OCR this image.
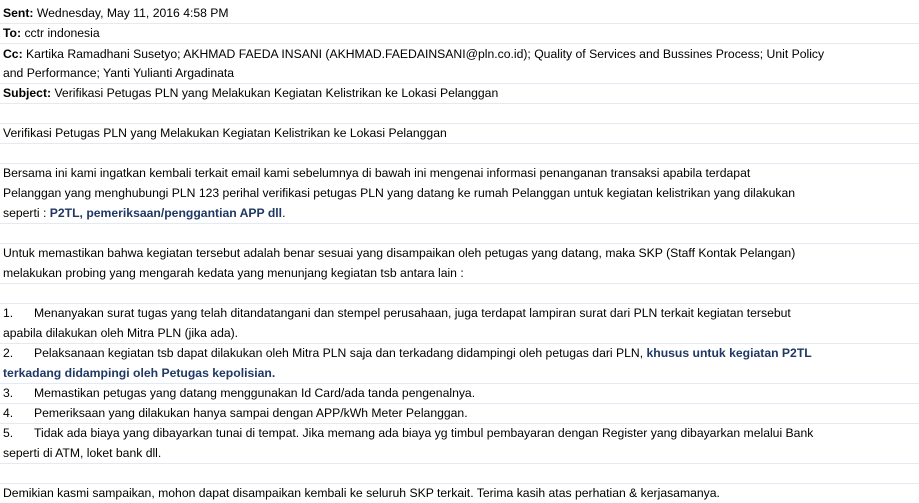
Sent: Wednesday, May 11, 2016 4:58 PM
To: cctr indonesia
Cc: Kartika Ramadhani Susetyo; AKHMAD FAEDA INSANI (AKHMAD.FAEDAINSANI@pln.co.id); Quality of Services and Bussines Process; Unit Policy
and Performance; Yanti Yulianti Argadinata
Subject: Verifikasi Petugas PLN yang Melakukan Kegiatan Kelistrikan ke Lokasi Pelanggan
Verifikasi Petugas PLN yang Melakukan Kegiatan Kelistrikan ke Lokasi Pelanggan
Bersama ini kami ingatkan kembali terkait email kami sebelumnya di bawah ini mengenai informasi penanganan transaksi apabila terdapat
Pelanggan yang menghubungi PLN 123 perihal verifikasi petugas PLN yang datang ke rumah Pelanggan untuk kegiatan kelistrikan yang dilakukan
seperti : P2TL, pemeriksaan/penggantian APP dll.
Untuk memastikan bahwa kegiatan tersebut adalah benar sesuai yang disampaikan oleh petugas yang datang, maka SKP (Staff Kontak Pelangan)
melakukan probing yang mengarah kedata yang menunjang kegiatan tsb antara lain :
1. Menanyakan surat tugas yang telah ditandatangani dan stempel perusahaan, juga terdapat lampiran surat dari PLN terkait kegiatan tersebut
apabila dilakukan oleh Mitra PLN (jika ada).
2. Pelaksanaan kegiatan tsb dapat dilakukan oleh Mitra PLN saja dan terkadang didampingi oleh petugas dari PLN, khusus untuk kegiatan P2TL
terkadang didampingi oleh Petugas kepolisian.
3. Memastikan petugas yang datang menggunakan Id Card/ada tanda pengenalnya.
4. Pemeriksaan yang dilakukan hanya sampai dengan APP/kWh Meter Pelanggan.
5. Tidak ada biaya yang dibayarkan tunai di tempat. Jika memang ada biaya yg timbul pembayaran dengan Register yang dibayarkan melalui Bank
seperti di ATM, loket bank dll.
Demikian kasmi sampaikan, mohon dapat disampaikan kembali ke seluruh SKP terkait. Terima kasih atas perhatian & kerjasamanya.
